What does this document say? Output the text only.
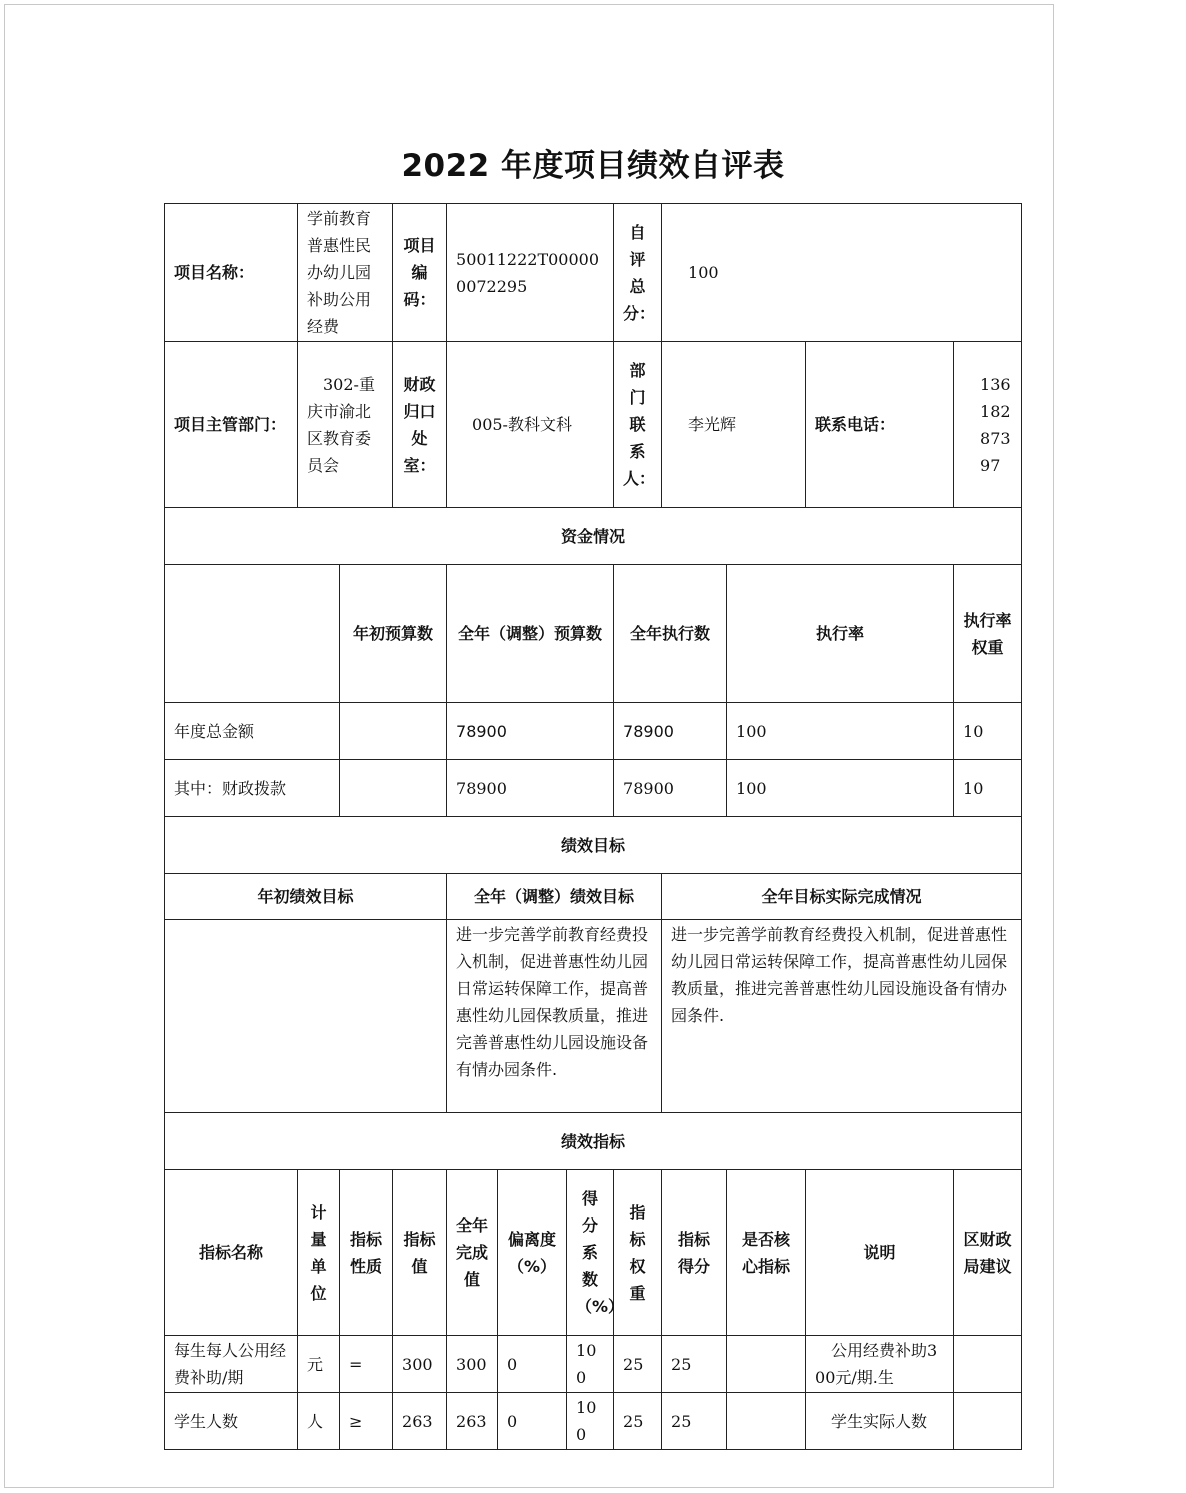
2022 年度项目绩效自评表
项目名称：	学前教育普惠性民办幼儿园补助公用经费		项目编码：	50011222T000000072295			自评总分：	100				
项目主管部门：	302-重庆市渝北区教育委员会		财政归口处室：	005-教科文科			部门联系人：	李光辉		联系电话：	13618287397	
资金情况												
		年初预算数		全年（调整）预算数			全年执行数		执行率		执行率权重	
年度总金额				78900			78900		100		10	
其中：财政拨款				78900			78900		100		10	
绩效目标												
年初绩效目标				全年（调整）绩效目标				全年目标实际完成情况				
				进一步完善学前教育经费投入机制，促进普惠性幼儿园日常运转保障工作，提高普惠性幼儿园保教质量，推进完善普惠性幼儿园设施设备有情办园条件.				进一步完善学前教育经费投入机制，促进普惠性幼儿园日常运转保障工作，提高普惠性幼儿园保教质量，推进完善普惠性幼儿园设施设备有情办园条件.				
绩效指标												
指标名称	计量单位	指标性质	指标值	全年完成值	偏离度（%）	得分系数（%）	指标权重	指标得分	是否核心指标	说明	区财政局建议	
每生每人公用经费补助/期	元	=	300	300	0	100	25	25		公用经费补助300元/期.生		
学生人数	人	≥	263	263	0	100	25	25		学生实际人数		
